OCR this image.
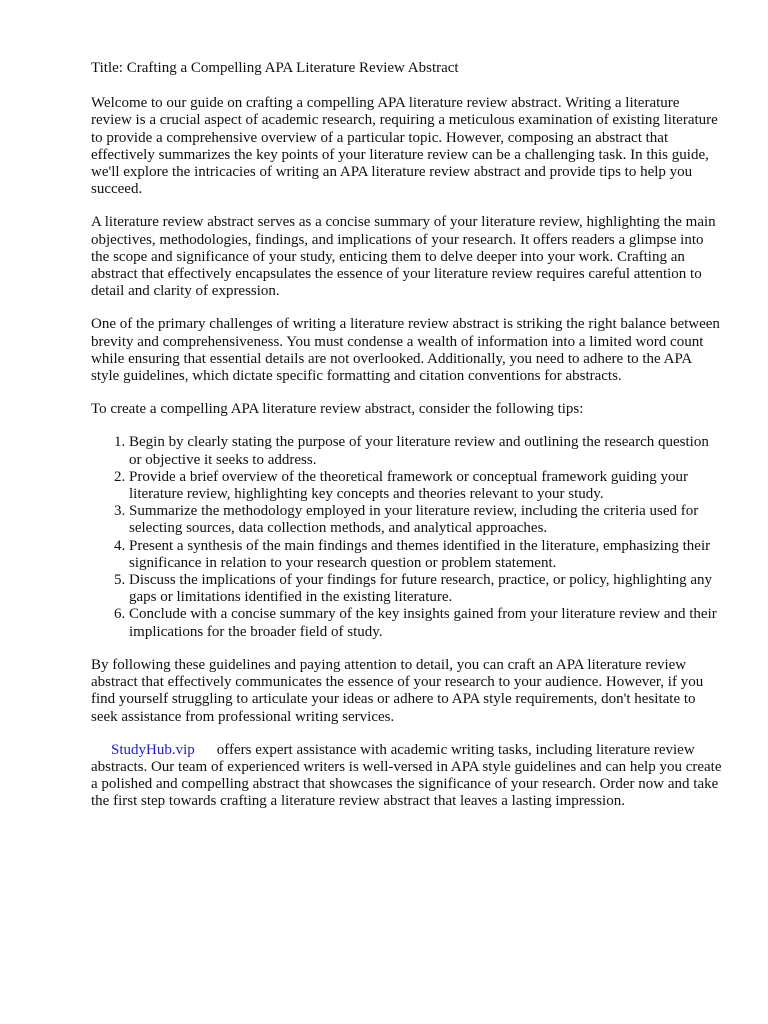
Title: Crafting a Compelling APA Literature Review Abstract

Welcome to our guide on crafting a compelling APA literature review abstract. Writing a literature review is a crucial aspect of academic research, requiring a meticulous examination of existing literature to provide a comprehensive overview of a particular topic. However, composing an abstract that effectively summarizes the key points of your literature review can be a challenging task. In this guide, we'll explore the intricacies of writing an APA literature review abstract and provide tips to help you succeed.

A literature review abstract serves as a concise summary of your literature review, highlighting the main objectives, methodologies, findings, and implications of your research. It offers readers a glimpse into the scope and significance of your study, enticing them to delve deeper into your work. Crafting an abstract that effectively encapsulates the essence of your literature review requires careful attention to detail and clarity of expression.

One of the primary challenges of writing a literature review abstract is striking the right balance between brevity and comprehensiveness. You must condense a wealth of information into a limited word count while ensuring that essential details are not overlooked. Additionally, you need to adhere to the APA style guidelines, which dictate specific formatting and citation conventions for abstracts.

To create a compelling APA literature review abstract, consider the following tips:

1. Begin by clearly stating the purpose of your literature review and outlining the research question or objective it seeks to address.
2. Provide a brief overview of the theoretical framework or conceptual framework guiding your literature review, highlighting key concepts and theories relevant to your study.
3. Summarize the methodology employed in your literature review, including the criteria used for selecting sources, data collection methods, and analytical approaches.
4. Present a synthesis of the main findings and themes identified in the literature, emphasizing their significance in relation to your research question or problem statement.
5. Discuss the implications of your findings for future research, practice, or policy, highlighting any gaps or limitations identified in the existing literature.
6. Conclude with a concise summary of the key insights gained from your literature review and their implications for the broader field of study.

By following these guidelines and paying attention to detail, you can craft an APA literature review abstract that effectively communicates the essence of your research to your audience. However, if you find yourself struggling to articulate your ideas or adhere to APA style requirements, don't hesitate to seek assistance from professional writing services.

StudyHub.vip offers expert assistance with academic writing tasks, including literature review abstracts. Our team of experienced writers is well-versed in APA style guidelines and can help you create a polished and compelling abstract that showcases the significance of your research. Order now and take the first step towards crafting a literature review abstract that leaves a lasting impression.
